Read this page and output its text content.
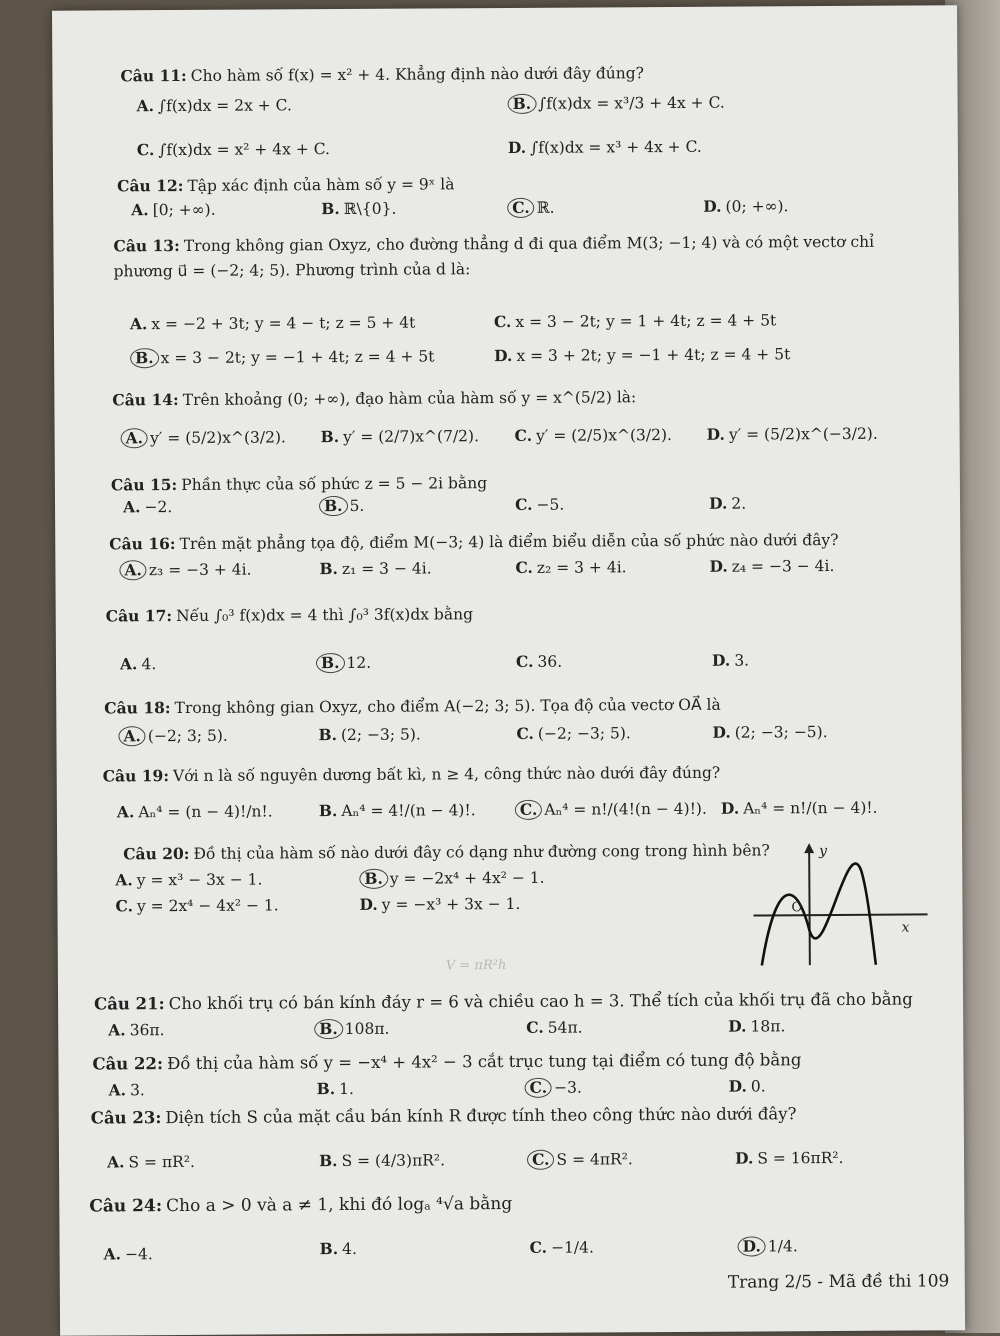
Câu 11: Cho hàm số f(x) = x² + 4. Khẳng định nào dưới đây đúng?
A. ∫f(x)dx = 2x + C.	B. ∫f(x)dx = x³/3 + 4x + C.
C. ∫f(x)dx = x² + 4x + C.	D. ∫f(x)dx = x³ + 4x + C.
Câu 12: Tập xác định của hàm số y = 9ˣ là
A. [0; +∞).	B. ℝ\{0}.	C. ℝ.	D. (0; +∞).
Câu 13: Trong không gian Oxyz, cho đường thẳng d đi qua điểm M(3; −1; 4) và có một vectơ chỉ
phương u⃗ = (−2; 4; 5). Phương trình của d là:
A. x = −2 + 3t; y = 4 − t; z = 5 + 4t
B. x = 3 − 2t; y = −1 + 4t; z = 4 + 5t
C. x = 3 − 2t; y = 1 + 4t; z = 4 + 5t
D. x = 3 + 2t; y = −1 + 4t; z = 4 + 5t
Câu 14: Trên khoảng (0; +∞), đạo hàm của hàm số y = x^(5/2) là:
A. y′ = (5/2)x^(3/2). B. y′ = (2/7)x^(7/2). C. y′ = (2/5)x^(3/2). D. y′ = (5/2)x^(−3/2).
Câu 15: Phần thực của số phức z = 5 − 2i bằng
A. −2.	B. 5.	C. −5.	D. 2.
Câu 16: Trên mặt phẳng tọa độ, điểm M(−3; 4) là điểm biểu diễn của số phức nào dưới đây?
A. z₃ = −3 + 4i.	B. z₁ = 3 − 4i.	C. z₂ = 3 + 4i.	D. z₄ = −3 − 4i.
Câu 17: Nếu ∫₀³ f(x)dx = 4 thì ∫₀³ 3f(x)dx bằng
A. 4.	B. 12.	C. 36.	D. 3.
Câu 18: Trong không gian Oxyz, cho điểm A(−2; 3; 5). Tọa độ của vectơ OA⃗ là
A. (−2; 3; 5).	B. (2; −3; 5).	C. (−2; −3; 5).	D. (2; −3; −5).
Câu 19: Với n là số nguyên dương bất kì, n ≥ 4, công thức nào dưới đây đúng?
A. Aₙ⁴ = (n − 4)!/n!.	B. Aₙ⁴ = 4!/(n − 4)!.	C. Aₙ⁴ = n!/(4!(n − 4)!). D. Aₙ⁴ = n!/(n − 4)!.
Câu 20: Đồ thị của hàm số nào dưới đây có dạng như đường cong trong hình bên?
A. y = x³ − 3x − 1.	B. y = −2x⁴ + 4x² − 1.
C. y = 2x⁴ − 4x² − 1.	D. y = −x³ + 3x − 1.
y
x
O
V = πR²h
Câu 21: Cho khối trụ có bán kính đáy r = 6 và chiều cao h = 3. Thể tích của khối trụ đã cho bằng
A. 36π.	B. 108π.	C. 54π.	D. 18π.
Câu 22: Đồ thị của hàm số y = −x⁴ + 4x² − 3 cắt trục tung tại điểm có tung độ bằng
A. 3.	B. 1.	C. −3.	D. 0.
Câu 23: Diện tích S của mặt cầu bán kính R được tính theo công thức nào dưới đây?
A. S = πR².	B. S = (4/3)πR².	C. S = 4πR².	D. S = 16πR².
Câu 24: Cho a > 0 và a ≠ 1, khi đó logₐ ⁴√a bằng
A. −4.	B. 4.	C. −1/4.	D. 1/4.
Trang 2/5 - Mã đề thi 109
